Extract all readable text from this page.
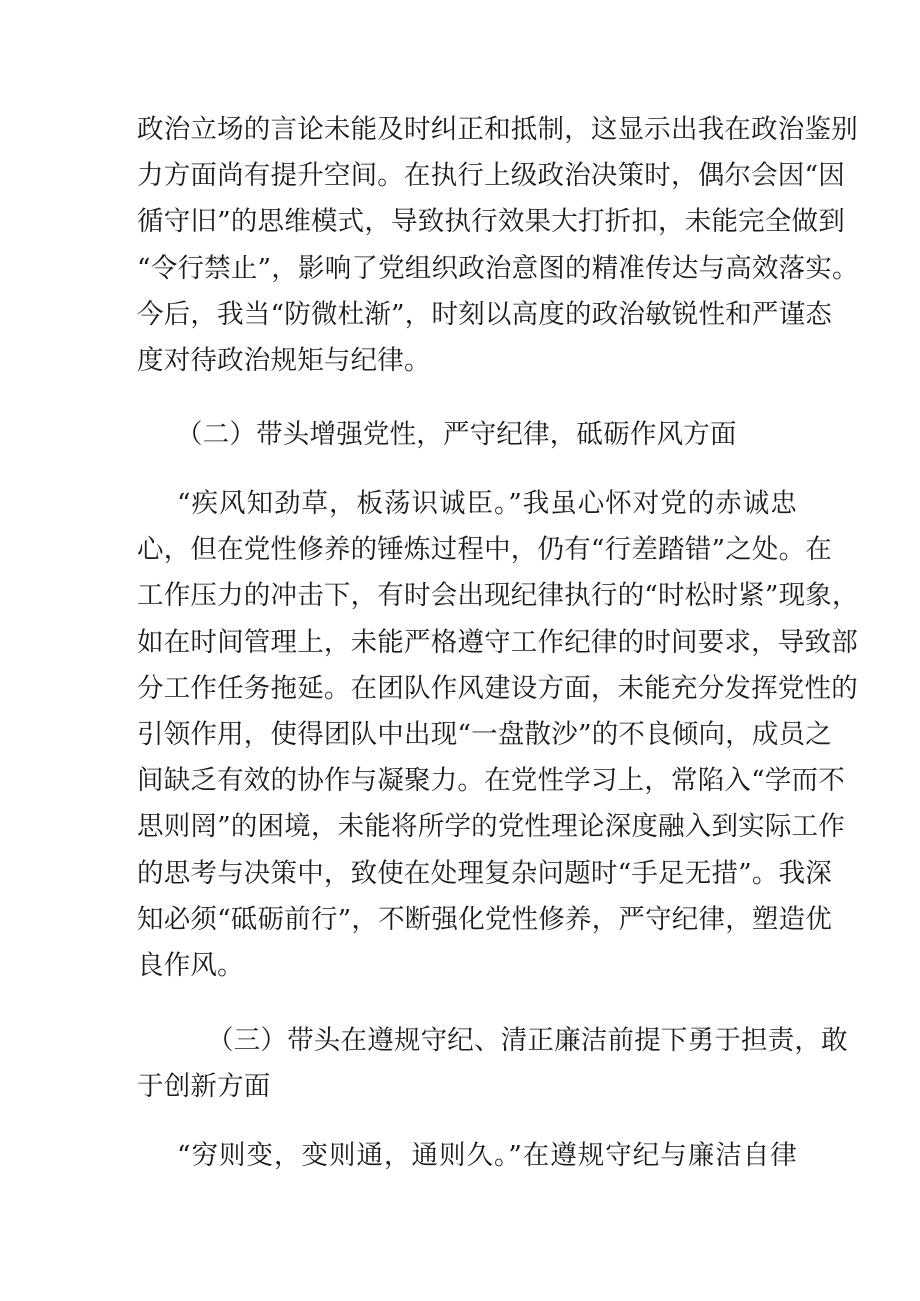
政治立场的言论未能及时纠正和抵制，这显示出我在政治鉴别
力方面尚有提升空间。在执行上级政治决策时，偶尔会因“因
循守旧”的思维模式，导致执行效果大打折扣，未能完全做到
“令行禁止”，影响了党组织政治意图的精准传达与高效落实。
今后，我当“防微杜渐”，时刻以高度的政治敏锐性和严谨态
度对待政治规矩与纪律。

（二）带头增强党性，严守纪律，砥砺作风方面

“疾风知劲草，板荡识诚臣。”我虽心怀对党的赤诚忠
心，但在党性修养的锤炼过程中，仍有“行差踏错”之处。在
工作压力的冲击下，有时会出现纪律执行的“时松时紧”现象，
如在时间管理上，未能严格遵守工作纪律的时间要求，导致部
分工作任务拖延。在团队作风建设方面，未能充分发挥党性的
引领作用，使得团队中出现“一盘散沙”的不良倾向，成员之
间缺乏有效的协作与凝聚力。在党性学习上，常陷入“学而不
思则罔”的困境，未能将所学的党性理论深度融入到实际工作
的思考与决策中，致使在处理复杂问题时“手足无措”。我深
知必须“砥砺前行”，不断强化党性修养，严守纪律，塑造优
良作风。

（三）带头在遵规守纪、清正廉洁前提下勇于担责，敢
于创新方面

“穷则变，变则通，通则久。”在遵规守纪与廉洁自律
